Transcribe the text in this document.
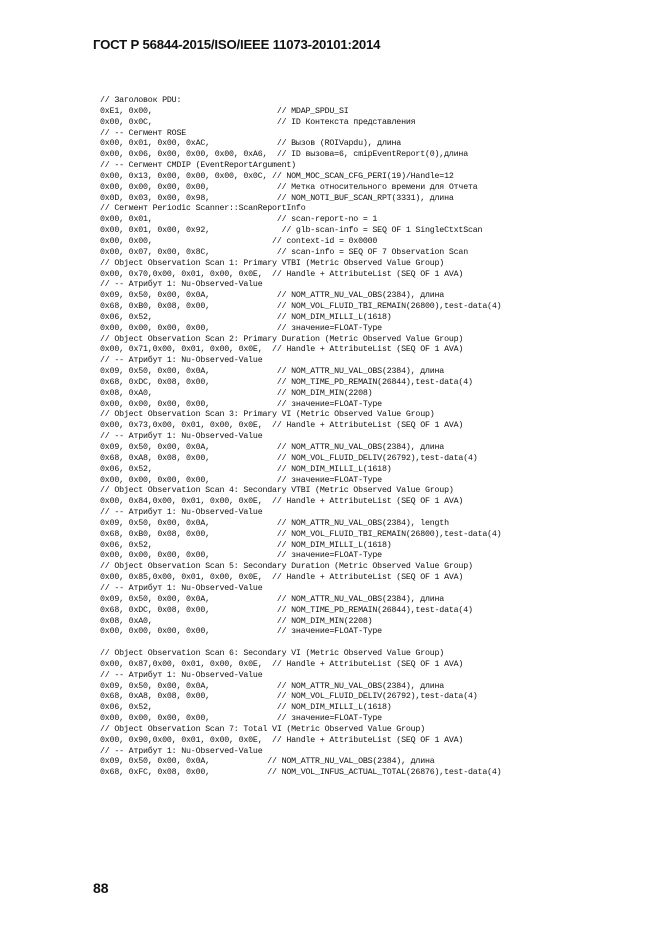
ГОСТ Р 56844-2015/ISO/IEEE 11073-20101:2014
// Заголовок PDU:
0xE1, 0x00,                          // MDAP_SPDU_SI
0x00, 0x0C,                          // ID Контекста представления
// -- Сегмент ROSE
0x00, 0x01, 0x00, 0xAC,              // Вызов (ROIVapdu), длина
0x00, 0x06, 0x00, 0x00, 0x00, 0xA6,  // ID вызова=6, cmipEventReport(0),длина
// -- Сегмент CMDIP (EventReportArgument)
0x00, 0x13, 0x00, 0x00, 0x00, 0x0C, // NOM_MOC_SCAN_CFG_PERI(19)/Handle=12
0x00, 0x00, 0x00, 0x00,              // Метка относительного времени для Отчета
0x0D, 0x03, 0x00, 0x98,              // NOM_NOTI_BUF_SCAN_RPT(3331), длина
// Сегмент Periodic Scanner::ScanReportInfo
0x00, 0x01,                          // scan-report-no = 1
0x00, 0x01, 0x00, 0x92,               // glb-scan-info = SEQ OF 1 SingleCtxtScan
0x00, 0x00,                         // context-id = 0x0000
0x00, 0x07, 0x00, 0x8C,              // scan-info = SEQ OF 7 Observation Scan
// Object Observation Scan 1: Primary VTBI (Metric Observed Value Group)
0x00, 0x70,0x00, 0x01, 0x00, 0x0E,  // Handle + AttributeList (SEQ OF 1 AVA)
// -- Атрибут 1: Nu-Observed-Value
0x09, 0x50, 0x00, 0x0A,              // NOM_ATTR_NU_VAL_OBS(2384), длина
0x68, 0xB0, 0x08, 0x00,              // NOM_VOL_FLUID_TBI_REMAIN(26800),test-data(4)
0x06, 0x52,                          // NOM_DIM_MILLI_L(1618)
0x00, 0x00, 0x00, 0x00,              // значение=FLOAT-Type
// Object Observation Scan 2: Primary Duration (Metric Observed Value Group)
0x00, 0x71,0x00, 0x01, 0x00, 0x0E,  // Handle + AttributeList (SEQ OF 1 AVA)
// -- Атрибут 1: Nu-Observed-Value
0x09, 0x50, 0x00, 0x0A,              // NOM_ATTR_NU_VAL_OBS(2384), длина
0x68, 0xDC, 0x08, 0x00,              // NOM_TIME_PD_REMAIN(26844),test-data(4)
0x08, 0xA0,                          // NOM_DIM_MIN(2208)
0x00, 0x00, 0x00, 0x00,              // значение=FLOAT-Type
// Object Observation Scan 3: Primary VI (Metric Observed Value Group)
0x00, 0x73,0x00, 0x01, 0x00, 0x0E,  // Handle + AttributeList (SEQ OF 1 AVA)
// -- Атрибут 1: Nu-Observed-Value
0x09, 0x50, 0x00, 0x0A,              // NOM_ATTR_NU_VAL_OBS(2384), длина
0x68, 0xA8, 0x08, 0x00,              // NOM_VOL_FLUID_DELIV(26792),test-data(4)
0x06, 0x52,                          // NOM_DIM_MILLI_L(1618)
0x00, 0x00, 0x00, 0x00,              // значение=FLOAT-Type
// Object Observation Scan 4: Secondary VTBI (Metric Observed Value Group)
0x00, 0x84,0x00, 0x01, 0x00, 0x0E,  // Handle + AttributeList (SEQ OF 1 AVA)
// -- Атрибут 1: Nu-Observed-Value
0x09, 0x50, 0x00, 0x0A,              // NOM_ATTR_NU_VAL_OBS(2384), length
0x68, 0xB0, 0x08, 0x00,              // NOM_VOL_FLUID_TBI_REMAIN(26800),test-data(4)
0x06, 0x52,                          // NOM_DIM_MILLI_L(1618)
0x00, 0x00, 0x00, 0x00,              // значение=FLOAT-Type
// Object Observation Scan 5: Secondary Duration (Metric Observed Value Group)
0x00, 0x85,0x00, 0x01, 0x00, 0x0E,  // Handle + AttributeList (SEQ OF 1 AVA)
// -- Атрибут 1: Nu-Observed-Value
0x09, 0x50, 0x00, 0x0A,              // NOM_ATTR_NU_VAL_OBS(2384), длина
0x68, 0xDC, 0x08, 0x00,              // NOM_TIME_PD_REMAIN(26844),test-data(4)
0x08, 0xA0,                          // NOM_DIM_MIN(2208)
0x00, 0x00, 0x00, 0x00,              // значение=FLOAT-Type
// Object Observation Scan 6: Secondary VI (Metric Observed Value Group)
0x00, 0x87,0x00, 0x01, 0x00, 0x0E,  // Handle + AttributeList (SEQ OF 1 AVA)
// -- Атрибут 1: Nu-Observed-Value
0x09, 0x50, 0x00, 0x0A,              // NOM_ATTR_NU_VAL_OBS(2384), длина
0x68, 0xA8, 0x08, 0x00,              // NOM_VOL_FLUID_DELIV(26792),test-data(4)
0x06, 0x52,                          // NOM_DIM_MILLI_L(1618)
0x00, 0x00, 0x00, 0x00,              // значение=FLOAT-Type
// Object Observation Scan 7: Total VI (Metric Observed Value Group)
0x00, 0x90,0x00, 0x01, 0x00, 0x0E,  // Handle + AttributeList (SEQ OF 1 AVA)
// -- Атрибут 1: Nu-Observed-Value
0x09, 0x50, 0x00, 0x0A,            // NOM_ATTR_NU_VAL_OBS(2384), длина
0x68, 0xFC, 0x08, 0x00,            // NOM_VOL_INFUS_ACTUAL_TOTAL(26876),test-data(4)
88
